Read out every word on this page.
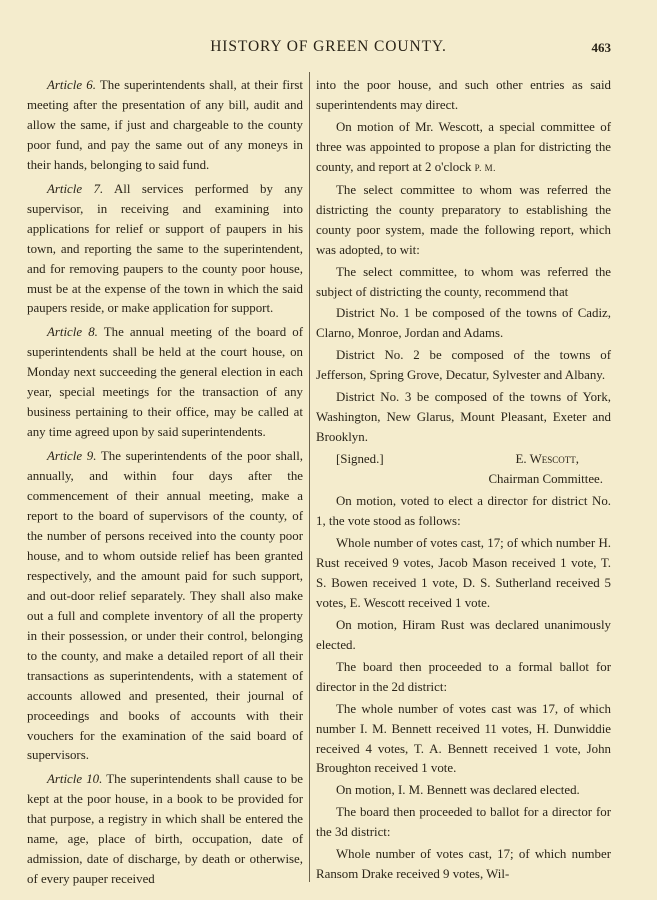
HISTORY OF GREEN COUNTY.	463

Article 6. The superintendents shall, at their first meeting after the presentation of any bill, audit and allow the same, if just and chargeable to the county poor fund, and pay the same out of any moneys in their hands, belonging to said fund.

Article 7. All services performed by any supervisor, in receiving and examining into applications for relief or support of paupers in his town, and reporting the same to the superintendent, and for removing paupers to the county poor house, must be at the expense of the town in which the said paupers reside, or make application for support.

Article 8. The annual meeting of the board of superintendents shall be held at the court house, on Monday next succeeding the general election in each year, special meetings for the transaction of any business pertaining to their office, may be called at any time agreed upon by said superintendents.

Article 9. The superintendents of the poor shall, annually, and within four days after the commencement of their annual meeting, make a report to the board of supervisors of the county, of the number of persons received into the county poor house, and to whom outside relief has been granted respectively, and the amount paid for such support, and out-door relief separately. They shall also make out a full and complete inventory of all the property in their possession, or under their control, belonging to the county, and make a detailed report of all their transactions as superintendents, with a statement of accounts allowed and presented, their journal of proceedings and books of accounts with their vouchers for the examination of the said board of supervisors.

Article 10. The superintendents shall cause to be kept at the poor house, in a book to be provided for that purpose, a registry in which shall be entered the name, age, place of birth, occupation, date of admission, date of discharge, by death or otherwise, of every pauper received

into the poor house, and such other entries as said superintendents may direct.

On motion of Mr. Wescott, a special committee of three was appointed to propose a plan for districting the county, and report at 2 o'clock P. M.

The select committee to whom was referred the districting the county preparatory to establishing the county poor system, made the following report, which was adopted, to wit:

The select committee, to whom was referred the subject of districting the county, recommend that

District No. 1 be composed of the towns of Cadiz, Clarno, Monroe, Jordan and Adams.

District No. 2 be composed of the towns of Jefferson, Spring Grove, Decatur, Sylvester and Albany.

District No. 3 be composed of the towns of York, Washington, New Glarus, Mount Pleasant, Exeter and Brooklyn.

[Signed.]	E. Wescott,

Chairman Committee.

On motion, voted to elect a director for district No. 1, the vote stood as follows:

Whole number of votes cast, 17; of which number H. Rust received 9 votes, Jacob Mason received 1 vote, T. S. Bowen received 1 vote, D. S. Sutherland received 5 votes, E. Wescott received 1 vote.

On motion, Hiram Rust was declared unanimously elected.

The board then proceeded to a formal ballot for director in the 2d district:

The whole number of votes cast was 17, of which number I. M. Bennett received 11 votes, H. Dunwiddie received 4 votes, T. A. Bennett received 1 vote, John Broughton received 1 vote.

On motion, I. M. Bennett was declared elected.

The board then proceeded to ballot for a director for the 3d district:

Whole number of votes cast, 17; of which number Ransom Drake received 9 votes, Wil-
